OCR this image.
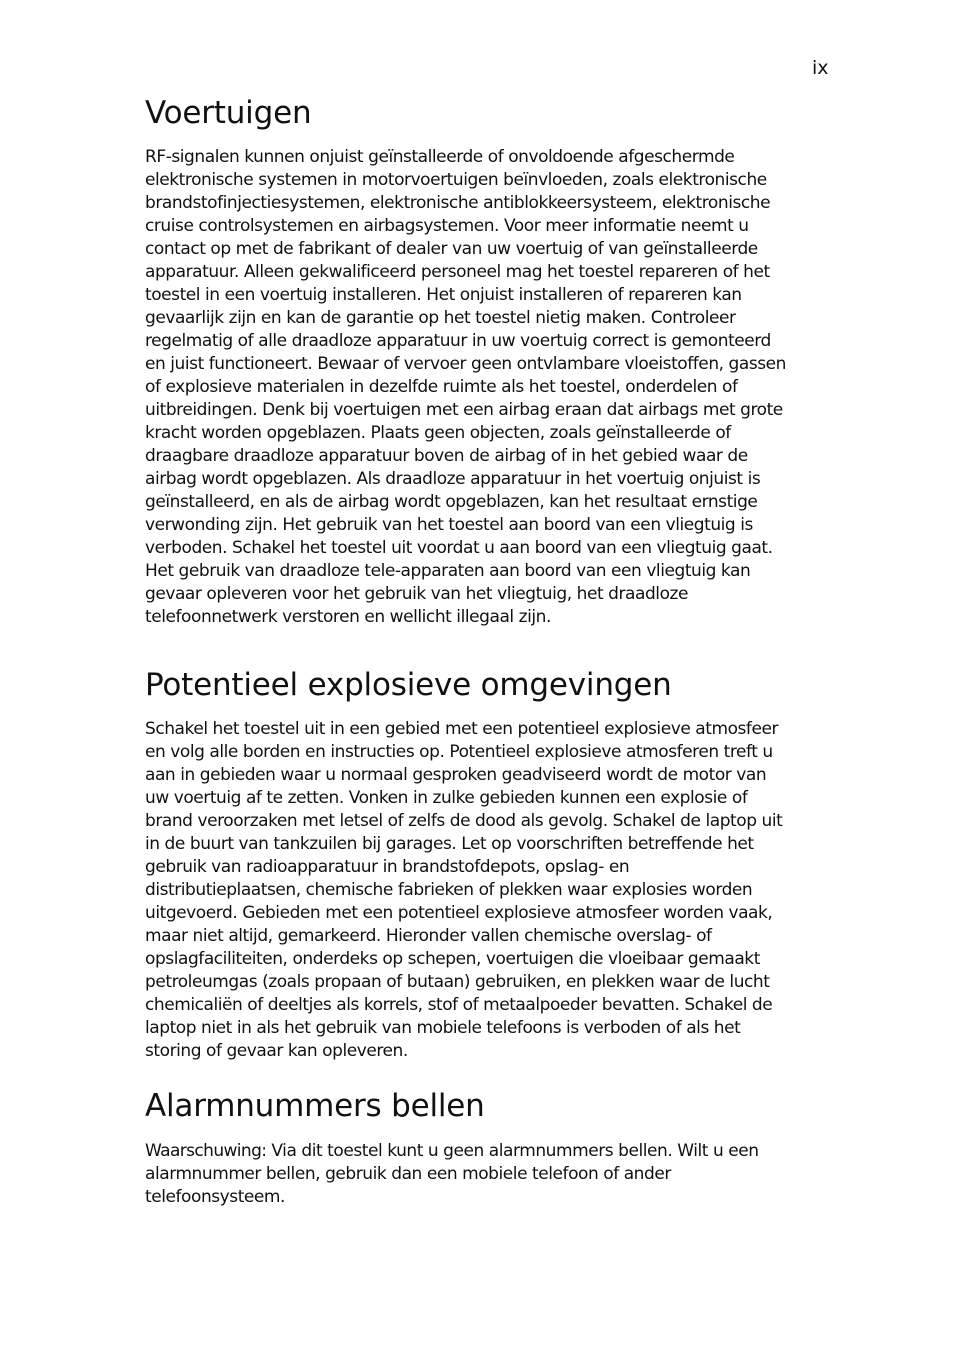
ix
Voertuigen
RF-signalen kunnen onjuist geïnstalleerde of onvoldoende afgeschermde
elektronische systemen in motorvoertuigen beïnvloeden, zoals elektronische
brandstofinjectiesystemen, elektronische antiblokkeersysteem, elektronische
cruise controlsystemen en airbagsystemen. Voor meer informatie neemt u
contact op met de fabrikant of dealer van uw voertuig of van geïnstalleerde
apparatuur. Alleen gekwalificeerd personeel mag het toestel repareren of het
toestel in een voertuig installeren. Het onjuist installeren of repareren kan
gevaarlijk zijn en kan de garantie op het toestel nietig maken. Controleer
regelmatig of alle draadloze apparatuur in uw voertuig correct is gemonteerd
en juist functioneert. Bewaar of vervoer geen ontvlambare vloeistoffen, gassen
of explosieve materialen in dezelfde ruimte als het toestel, onderdelen of
uitbreidingen. Denk bij voertuigen met een airbag eraan dat airbags met grote
kracht worden opgeblazen. Plaats geen objecten, zoals geïnstalleerde of
draagbare draadloze apparatuur boven de airbag of in het gebied waar de
airbag wordt opgeblazen. Als draadloze apparatuur in het voertuig onjuist is
geïnstalleerd, en als de airbag wordt opgeblazen, kan het resultaat ernstige
verwonding zijn. Het gebruik van het toestel aan boord van een vliegtuig is
verboden. Schakel het toestel uit voordat u aan boord van een vliegtuig gaat.
Het gebruik van draadloze tele-apparaten aan boord van een vliegtuig kan
gevaar opleveren voor het gebruik van het vliegtuig, het draadloze
telefoonnetwerk verstoren en wellicht illegaal zijn.
Potentieel explosieve omgevingen
Schakel het toestel uit in een gebied met een potentieel explosieve atmosfeer
en volg alle borden en instructies op. Potentieel explosieve atmosferen treft u
aan in gebieden waar u normaal gesproken geadviseerd wordt de motor van
uw voertuig af te zetten. Vonken in zulke gebieden kunnen een explosie of
brand veroorzaken met letsel of zelfs de dood als gevolg. Schakel de laptop uit
in de buurt van tankzuilen bij garages. Let op voorschriften betreffende het
gebruik van radioapparatuur in brandstofdepots, opslag- en
distributieplaatsen, chemische fabrieken of plekken waar explosies worden
uitgevoerd. Gebieden met een potentieel explosieve atmosfeer worden vaak,
maar niet altijd, gemarkeerd. Hieronder vallen chemische overslag- of
opslagfaciliteiten, onderdeks op schepen, voertuigen die vloeibaar gemaakt
petroleumgas (zoals propaan of butaan) gebruiken, en plekken waar de lucht
chemicaliën of deeltjes als korrels, stof of metaalpoeder bevatten. Schakel de
laptop niet in als het gebruik van mobiele telefoons is verboden of als het
storing of gevaar kan opleveren.
Alarmnummers bellen
Waarschuwing: Via dit toestel kunt u geen alarmnummers bellen. Wilt u een
alarmnummer bellen, gebruik dan een mobiele telefoon of ander
telefoonsysteem.
